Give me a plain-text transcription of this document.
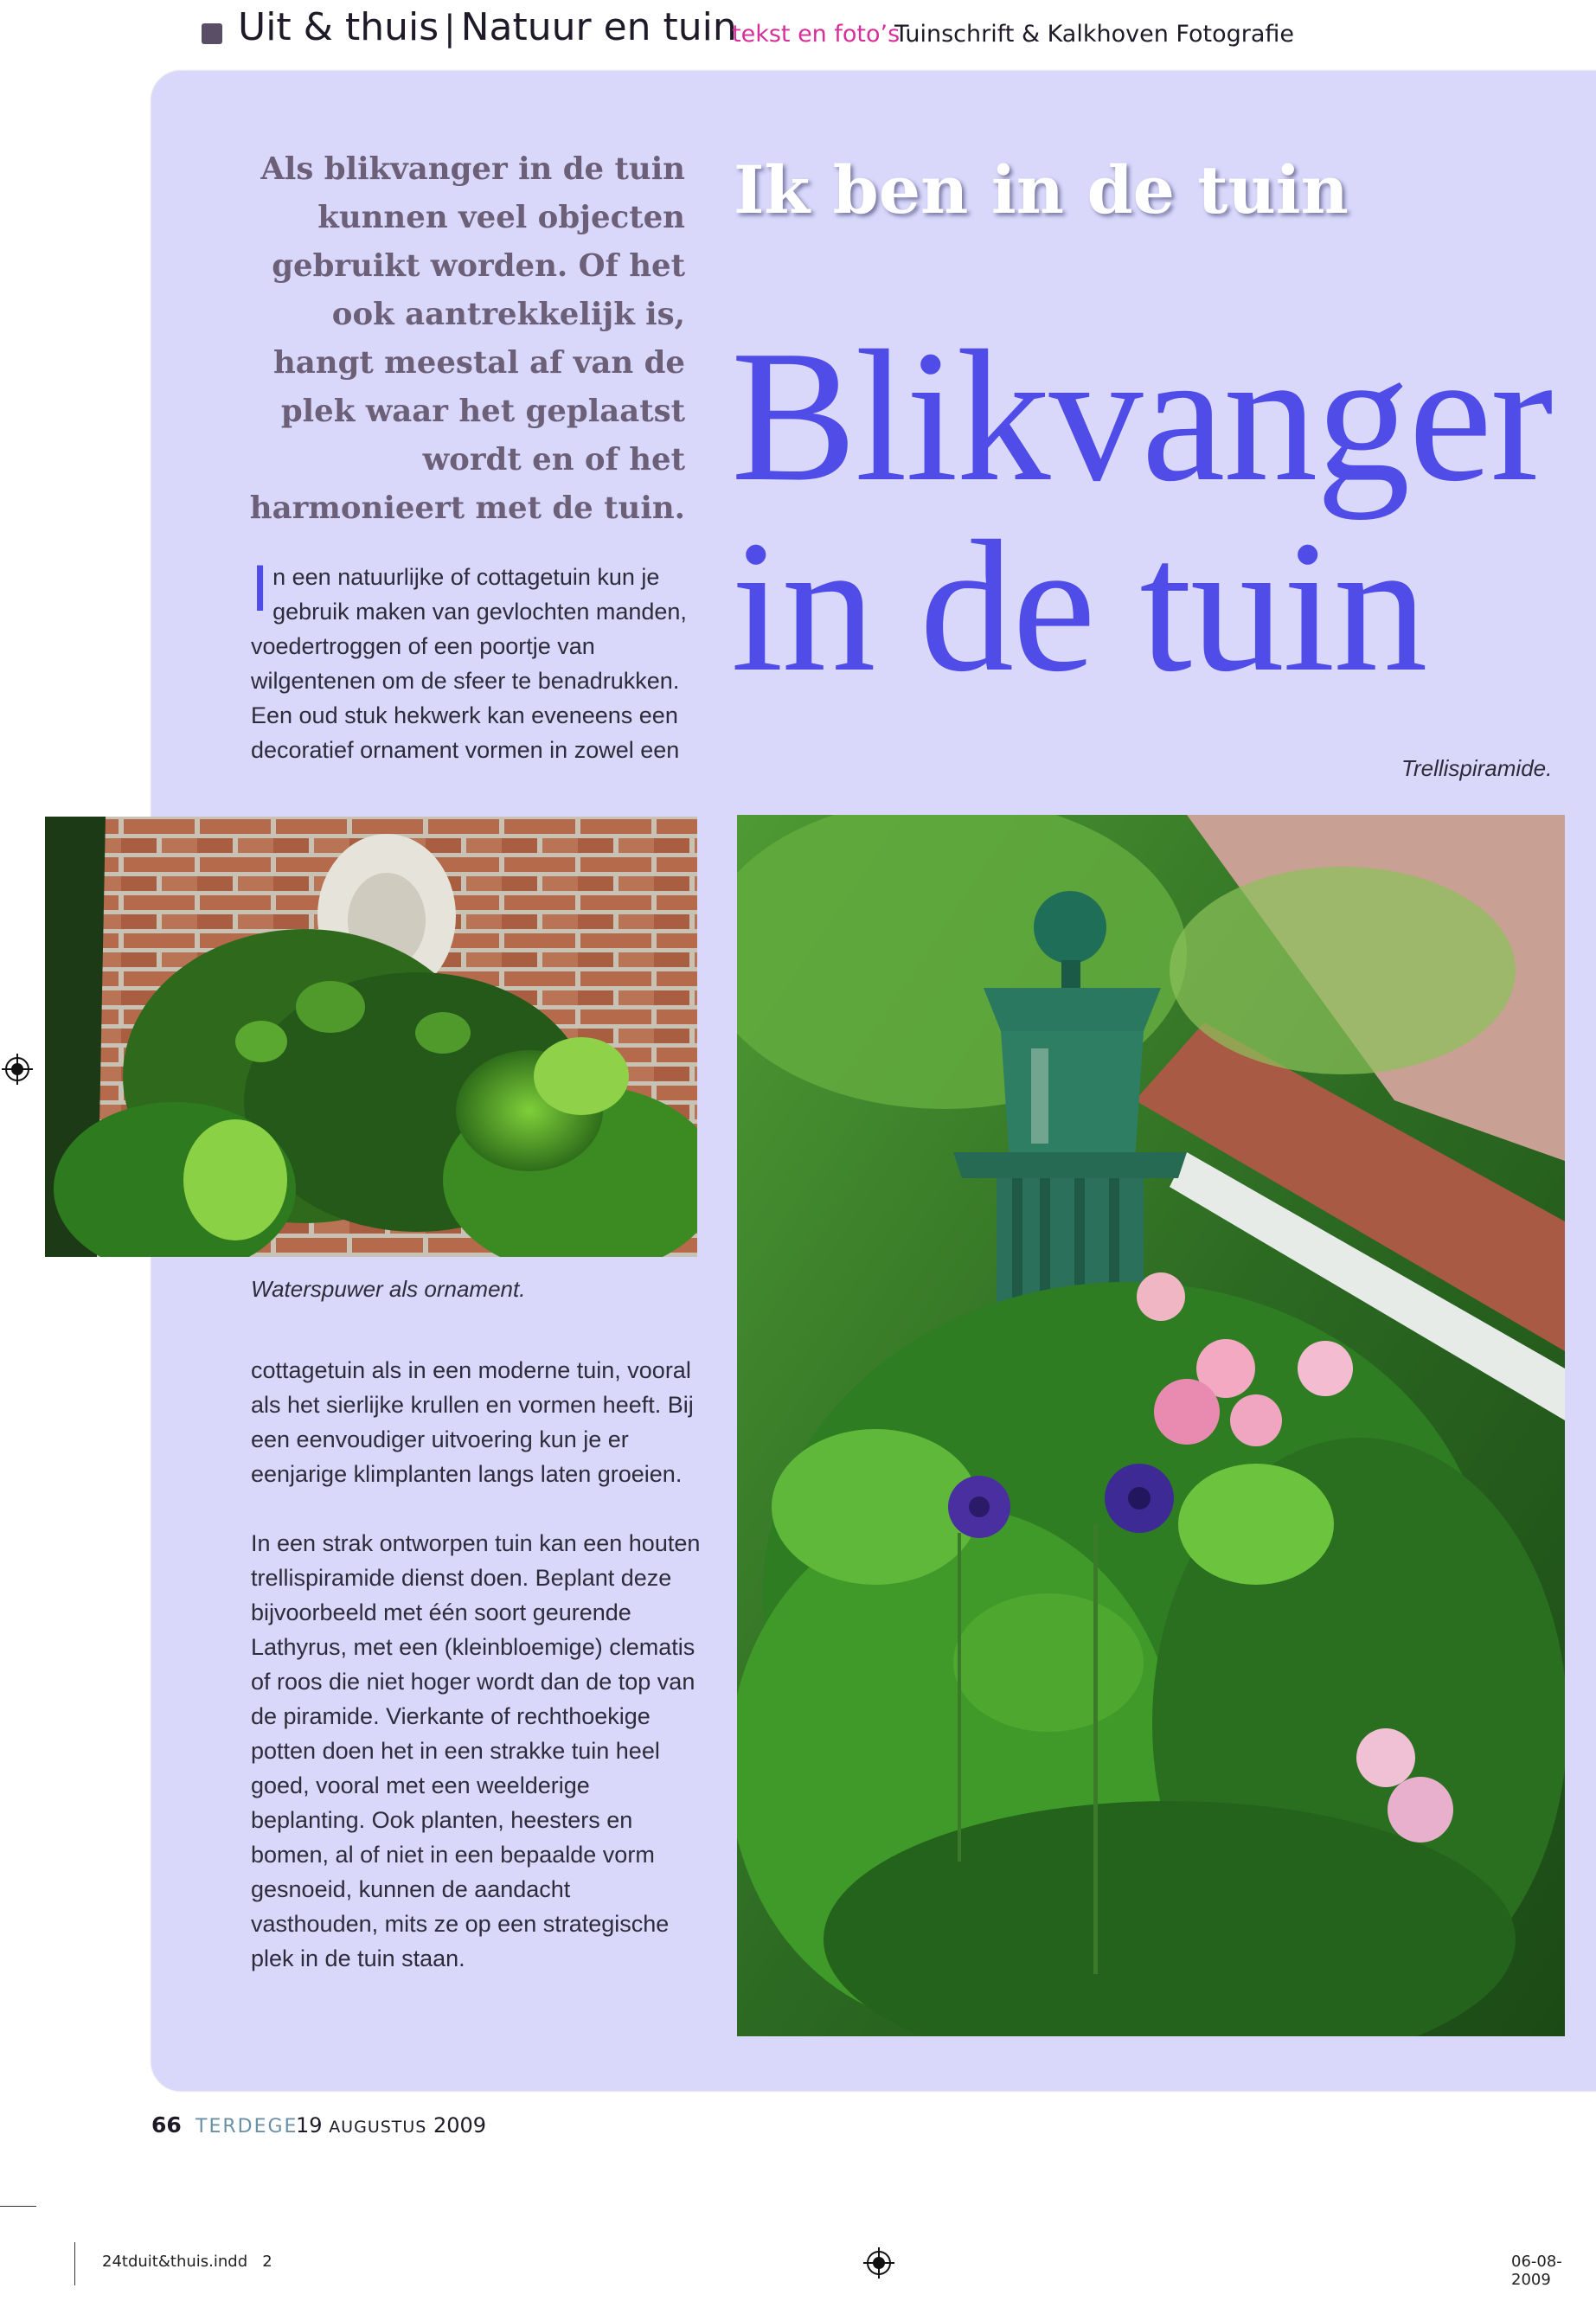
Uit & thuis | Natuur en tuin
tekst en foto’s
Tuinschrift & Kalkhoven Fotografie
Als blikvanger in de tuin kunnen veel objecten gebruikt worden. Of het ook aantrekkelijk is, hangt meestal af van de plek waar het geplaatst wordt en of het harmonieert met de tuin.
Ik ben in de tuin
Blikvanger
in de tuin

In een natuurlijke of cottagetuin kun je gebruik maken van gevlochten manden, voedertroggen of een poortje van wilgentenen om de sfeer te benadrukken. Een oud stuk hekwerk kan eveneens een decoratief ornament vormen in zowel een

Trellispiramide.
Waterspuwer als ornament.

cottagetuin als in een moderne tuin, vooral als het sierlijke krullen en vormen heeft. Bij een eenvoudiger uitvoering kun je er eenjarige klimplanten langs laten groeien.

In een strak ontworpen tuin kan een houten trellispiramide dienst doen. Beplant deze bijvoorbeeld met één soort geurende Lathyrus, met een (kleinbloemige) clematis of roos die niet hoger wordt dan de top van de piramide. Vierkante of rechthoekige potten doen het in een strakke tuin heel goed, vooral met een weelderige beplanting. Ook planten, heesters en bomen, al of niet in een bepaalde vorm gesnoeid, kunnen de aandacht vasthouden, mits ze op een strategische plek in de tuin staan.

66 TERDEGE
19 AUGUSTUS 2009
24tduit&thuis.indd   2	06-08-2009
